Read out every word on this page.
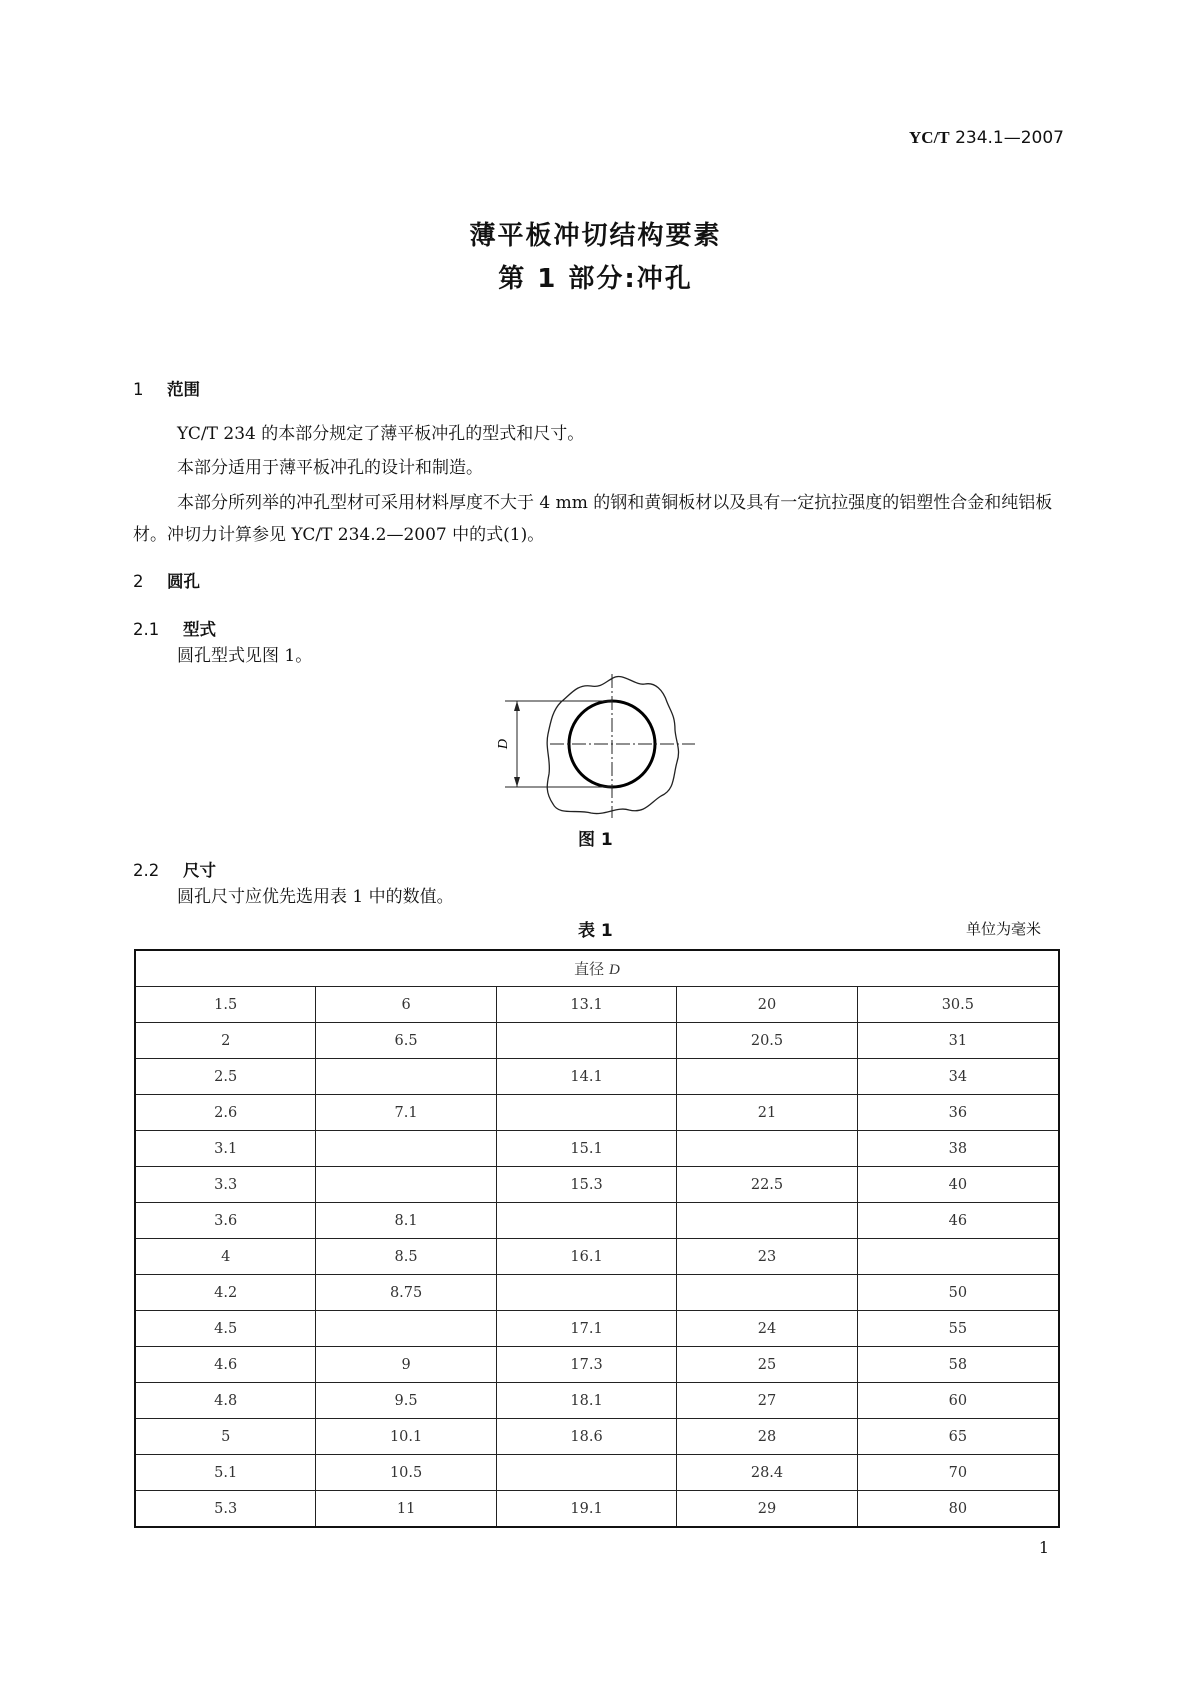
YC/T 234.1—2007
薄平板冲切结构要素
第 1 部分:冲孔
1 范围
YC/T 234 的本部分规定了薄平板冲孔的型式和尺寸。
本部分适用于薄平板冲孔的设计和制造。
本部分所列举的冲孔型材可采用材料厚度不大于 4 mm 的钢和黄铜板材以及具有一定抗拉强度的铝塑性合金和纯铝板材。冲切力计算参见 YC/T 234.2—2007 中的式(1)。
2 圆孔
2.1 型式
圆孔型式见图 1。
D
图 1
2.2 尺寸
圆孔尺寸应优先选用表 1 中的数值。
表 1	单位为毫米
直径 D				
1.5	6	13.1	20	30.5
2	6.5		20.5	31
2.5		14.1		34
2.6	7.1		21	36
3.1		15.1		38
3.3		15.3	22.5	40
3.6	8.1			46
4	8.5	16.1	23	
4.2	8.75			50
4.5		17.1	24	55
4.6	9	17.3	25	58
4.8	9.5	18.1	27	60
5	10.1	18.6	28	65
5.1	10.5		28.4	70
5.3	11	19.1	29	80
1
